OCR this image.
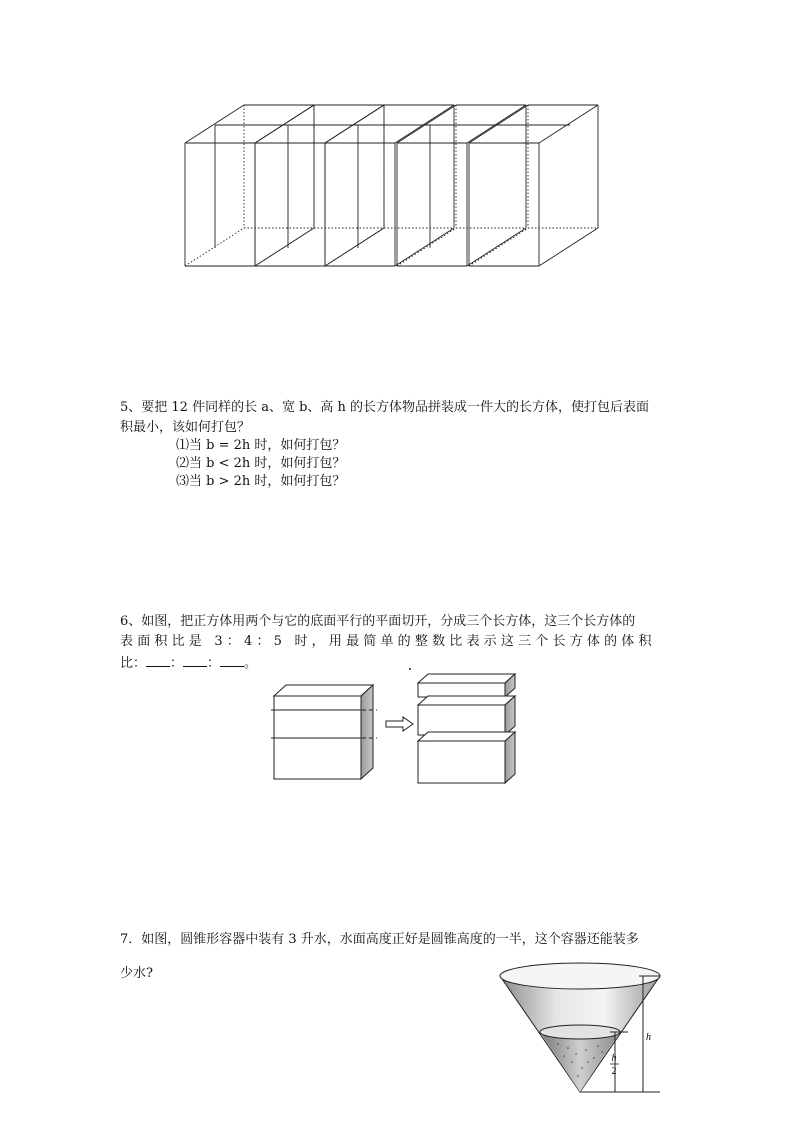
5、要把 12 件同样的长 a、宽 b、高 h 的长方体物品拼装成一件大的长方体，使打包后表面
积最小，该如何打包？
⑴当 b = 2h 时，如何打包？
⑵当 b < 2h 时，如何打包？
⑶当 b > 2h 时，如何打包？
6、如图，把正方体用两个与它的底面平行的平面切开，分成三个长方体，这三个长方体的
表面积比是 3：4：5 时，用最简单的整数比表示这三个长方体的体积
比： ： ： 。
7．如图，圆锥形容器中装有 3 升水，水面高度正好是圆锥高度的一半，这个容器还能装多
少水?
h
h
2
